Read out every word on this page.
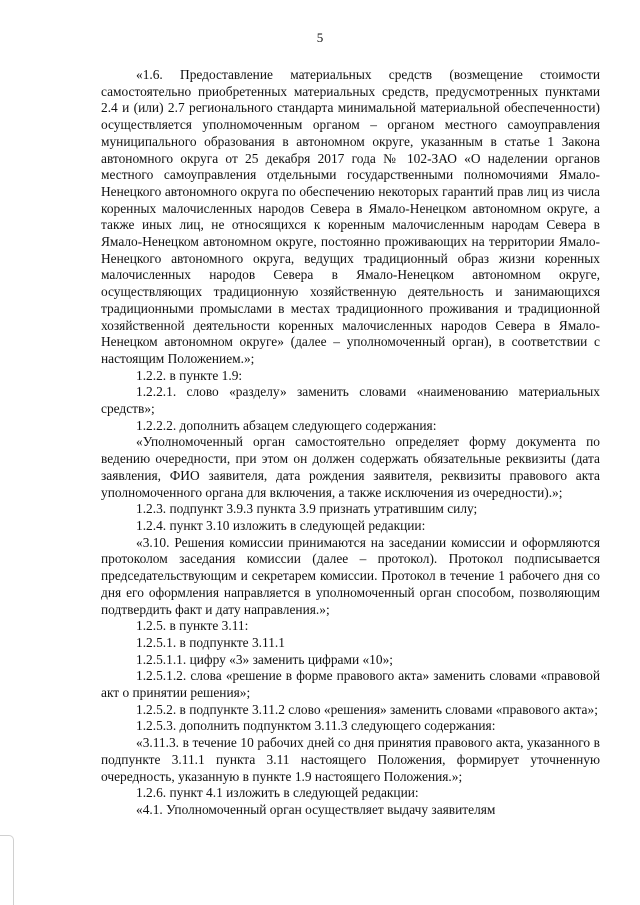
5

«1.6. Предоставление материальных средств (возмещение стоимости самостоятельно приобретенных материальных средств, предусмотренных пунктами 2.4 и (или) 2.7 регионального стандарта минимальной материальной обеспеченности) осуществляется уполномоченным органом – органом местного самоуправления муниципального образования в автономном округе, указанным в статье 1 Закона автономного округа от 25 декабря 2017 года № 102-ЗАО «О наделении органов местного самоуправления отдельными государственными полномочиями Ямало-Ненецкого автономного округа по обеспечению некоторых гарантий прав лиц из числа коренных малочисленных народов Севера в Ямало-Ненецком автономном округе, а также иных лиц, не относящихся к коренным малочисленным народам Севера в Ямало-Ненецком автономном округе, постоянно проживающих на территории Ямало-Ненецкого автономного округа, ведущих традиционный образ жизни коренных малочисленных народов Севера в Ямало-Ненецком автономном округе, осуществляющих традиционную хозяйственную деятельность и занимающихся традиционными промыслами в местах традиционного проживания и традиционной хозяйственной деятельности коренных малочисленных народов Севера в Ямало-Ненецком автономном округе» (далее – уполномоченный орган), в соответствии с настоящим Положением.»;

1.2.2. в пункте 1.9:

1.2.2.1. слово «разделу» заменить словами «наименованию материальных средств»;

1.2.2.2. дополнить абзацем следующего содержания:

«Уполномоченный орган самостоятельно определяет форму документа по ведению очередности, при этом он должен содержать обязательные реквизиты (дата заявления, ФИО заявителя, дата рождения заявителя, реквизиты правового акта уполномоченного органа для включения, а также исключения из очередности).»;

1.2.3. подпункт 3.9.3 пункта 3.9 признать утратившим силу;

1.2.4. пункт 3.10 изложить в следующей редакции:

«3.10. Решения комиссии принимаются на заседании комиссии и оформляются протоколом заседания комиссии (далее – протокол). Протокол подписывается председательствующим и секретарем комиссии. Протокол в течение 1 рабочего дня со дня его оформления направляется в уполномоченный орган способом, позволяющим подтвердить факт и дату направления.»;

1.2.5. в пункте 3.11:

1.2.5.1. в подпункте 3.11.1

1.2.5.1.1. цифру «3» заменить цифрами «10»;

1.2.5.1.2. слова «решение в форме правового акта» заменить словами «правовой акт о принятии решения»;

1.2.5.2. в подпункте 3.11.2 слово «решения» заменить словами «правового акта»;

1.2.5.3. дополнить подпунктом 3.11.3 следующего содержания:

«3.11.3. в течение 10 рабочих дней со дня принятия правового акта, указанного в подпункте 3.11.1 пункта 3.11 настоящего Положения, формирует уточненную очередность, указанную в пункте 1.9 настоящего Положения.»;

1.2.6. пункт 4.1 изложить в следующей редакции:

«4.1. Уполномоченный орган осуществляет выдачу заявителям
